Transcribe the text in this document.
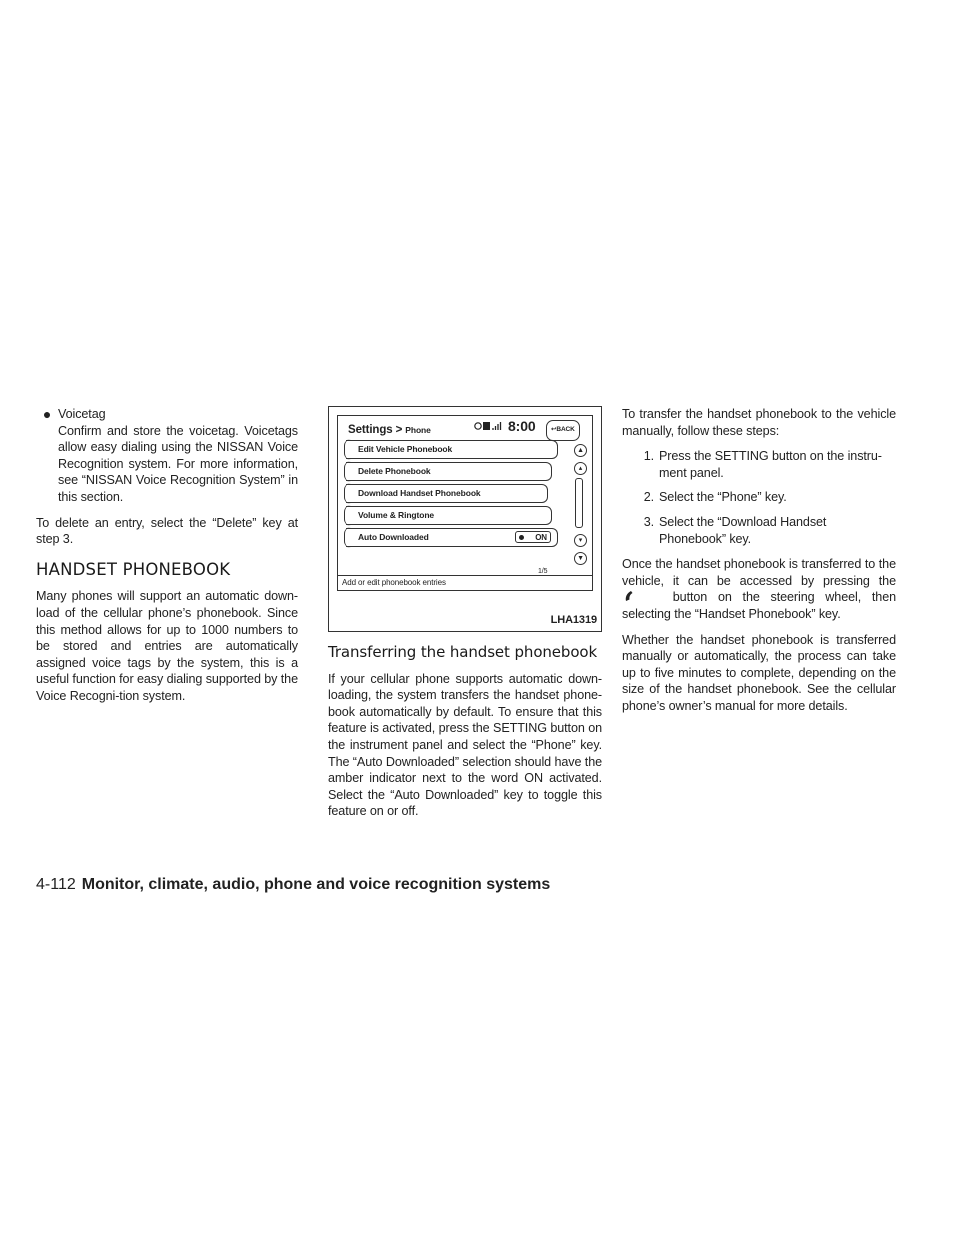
● Voicetag
Confirm and store the voicetag. Voicetags allow easy dialing using the NISSAN Voice Recognition system. For more information, see “NISSAN Voice Recognition System” in this section.

To delete an entry, select the “Delete” key at step 3.

HANDSET PHONEBOOK

Many phones will support an automatic down-load of the cellular phone’s phonebook. Since this method allows for up to 1000 numbers to be stored and entries are automatically assigned voice tags by the system, this is a useful function for easy dialing supported by the Voice Recogni-tion system.

Settings > Phone	8:00	↩BACK
Edit Vehicle Phonebook
Delete Phonebook
Download Handset Phonebook
Volume & Ringtone
Auto Downloaded	ON
▲
▴
▾
▼
1/5
Add or edit phonebook entries
LHA1319
Transferring the handset phonebook

If your cellular phone supports automatic down-loading, the system transfers the handset phone-book automatically by default. To ensure that this feature is activated, press the SETTING button on the instrument panel and select the “Phone” key. The “Auto Downloaded” selection should have the amber indicator next to the word ON activated. Select the “Auto Downloaded” key to toggle this feature on or off.

To transfer the handset phonebook to the vehicle manually, follow these steps:

1. Press the SETTING button on the instru-ment panel.
2. Select the “Phone” key.
3. Select the “Download Handset Phonebook” key.

Once the handset phonebook is transferred to the vehicle, it can be accessed by pressing the  button on the steering wheel, then selecting the “Handset Phonebook” key.

Whether the handset phonebook is transferred manually or automatically, the process can take up to five minutes to complete, depending on the size of the handset phonebook. See the cellular phone’s owner’s manual for more details.

4-112 Monitor, climate, audio, phone and voice recognition systems
